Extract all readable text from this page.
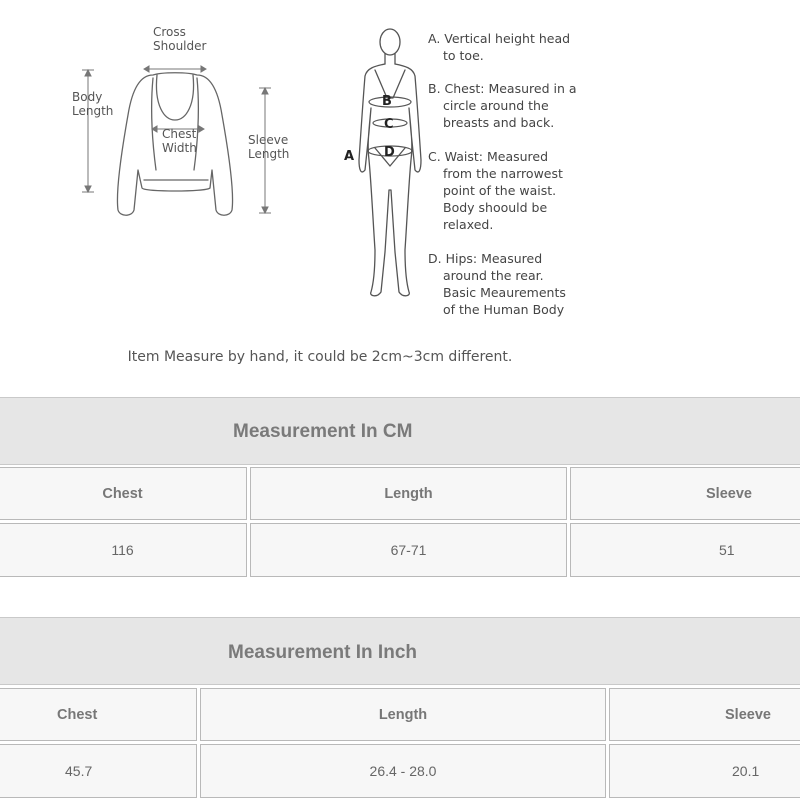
Cross
Shoulder
Body
Length
Chest
Width
Sleeve
Length	A
B
C
D
A. Vertical height head
to toe.
B. Chest: Measured in a
circle around the
breasts and back.
C. Waist: Measured
from the narrowest
point of the waist.
Body shoould be
relaxed.
D. Hips: Measured
around the rear.
Basic Meaurements
of the Human Body
Item Measure by hand, it could be 2cm~3cm different.
Measurement In CM
Chest	Length	Sleeve
116	67-71	51
Measurement In Inch
Chest	Length	Sleeve
45.7	26.4 - 28.0	20.1
